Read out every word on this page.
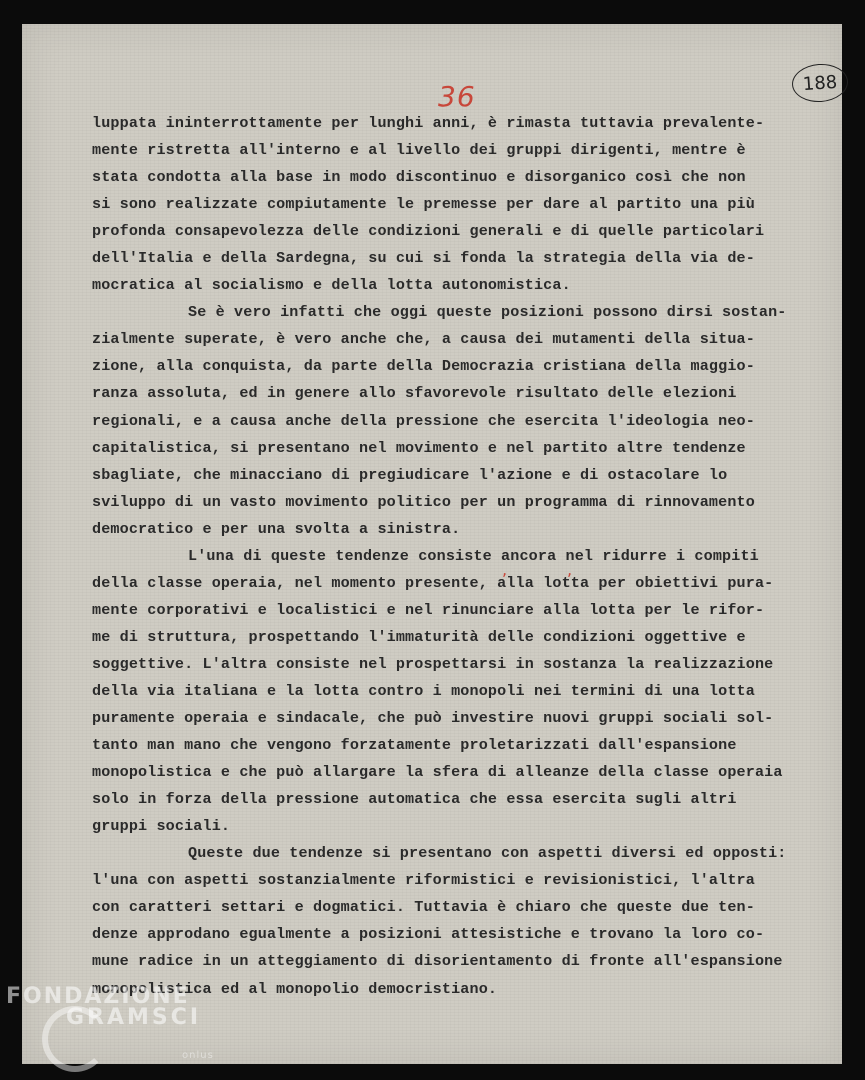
36	188
luppata ininterrottamente per lunghi anni, è rimasta tuttavia prevalente-
mente ristretta all'interno e al livello dei gruppi dirigenti, mentre è
stata condotta alla base in modo discontinuo e disorganico così che non
si sono realizzate compiutamente le premesse per dare al partito una più
profonda consapevolezza delle condizioni generali e di quelle particolari
dell'Italia e della Sardegna, su cui si fonda la strategia della via de-
mocratica al socialismo e della lotta autonomistica.
Se è vero infatti che oggi queste posizioni possono dirsi sostan-
zialmente superate, è vero anche che, a causa dei mutamenti della situa-
zione, alla conquista, da parte della Democrazia cristiana della maggio-
ranza assoluta, ed in genere allo sfavorevole risultato delle elezioni
regionali, e a causa anche della pressione che esercita l'ideologia neo-
capitalistica, si presentano nel movimento e nel partito altre tendenze
sbagliate, che minacciano di pregiudicare l'azione e di ostacolare lo
sviluppo di un vasto movimento politico per un programma di rinnovamento
democratico e per una svolta a sinistra.
L'una di queste tendenze consiste ancora nel ridurre i compiti
della classe operaia, nel momento presente, alla lotta per obiettivi pura-
mente corporativi e localistici e nel rinunciare alla lotta per le rifor-
me di struttura, prospettando l'immaturità delle condizioni oggettive e
soggettive. L'altra consiste nel prospettarsi in sostanza la realizzazione
della via italiana e la lotta contro i monopoli nei termini di una lotta
puramente operaia e sindacale, che può investire nuovi gruppi sociali sol-
tanto man mano che vengono forzatamente proletarizzati dall'espansione
monopolistica e che può allargare la sfera di alleanze della classe operaia
solo in forza della pressione automatica che essa esercita sugli altri
gruppi sociali.
Queste due tendenze si presentano con aspetti diversi ed opposti:
l'una con aspetti sostanzialmente riformistici e revisionistici, l'altra
con caratteri settari e dogmatici. Tuttavia è chiaro che queste due ten-
denze approdano egualmente a posizioni attesistiche e trovano la loro co-
mune radice in un atteggiamento di disorientamento di fronte all'espansione
monopolistica ed al monopolio democristiano.
,	,
FONDAZIONE
GRAMSCI
onlus
